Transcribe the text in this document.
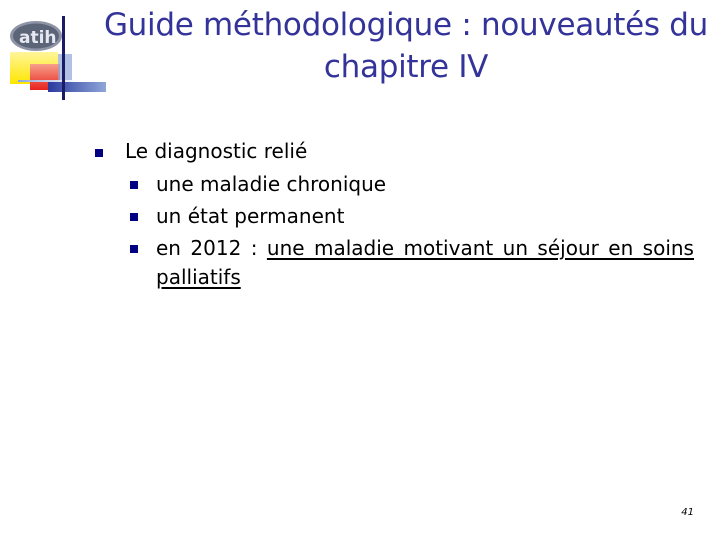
atih Guide méthodologique : nouveautés du chapitre IV
Le diagnostic relié
une maladie chronique
un état permanent
en 2012 : une maladie motivant un séjour en soins
palliatifs
41
